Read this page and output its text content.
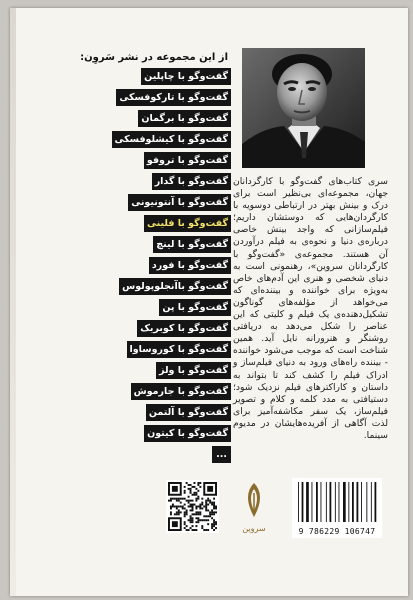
از این مجموعه در نشر سَروِن:
گفت‌وگو با چاپلین
گفت‌وگو با تارکوفسکی
گفت‌وگو با برگمان
گفت‌وگو با کیشلوفسکی
گفت‌وگو با تروفو
گفت‌وگو با گدار
گفت‌وگو با آنتونیونی
گفت‌وگو با فلینی
گفت‌وگو با لینچ
گفت‌وگو با فورد
گفت‌وگو باآنجلوپولوس
گفت‌وگو با پن
گفت‌وگو با کوبریک
گفت‌وگو با کوروساوا
گفت‌وگو با ولز
گفت‌وگو با جارموش
گفت‌وگو با آلتمن
گفت‌وگو با کیتون
...
سری کتاب‌های گفت‌وگو با کارگردانان جهان، مجموعه‌ای بی‌نظیر است برای درک و بینش بهتر در ارتباطی دوسویه با کارگردان‌هایی که دوستشان داریم؛ فیلم‌سازانی که واجد بینش خاصی درباره‌ی دنیا و نحوه‌ی به فیلم درآوردن آن هستند. مجموعه‌ی «گفت‌وگو با کارگردانان سروین»، رهنمونی است به دنیای شخصی و هنری این آدم‌های خاص به‌ویژه برای خواننده و بیننده‌ای که می‌خواهد از مؤلفه‌های گوناگون تشکیل‌دهنده‌ی یک فیلم و کلیتی که این عناصر را شکل می‌دهد به دریافتی روشنگر و هنرورانه نایل آید. همین شناخت است که موجب می‌شود خواننده - بیننده راه‌های ورود به دنیای فیلم‌ساز و ادراک فیلم را کشف کند تا بتواند به داستان و کاراکترهای فیلم نزدیک شود؛ دستیافتی به مدد کلمه و کلام و تصویر فیلم‌ساز، یک سفر مکاشفه‌آمیز برای لذت آگاهی از آفریده‌هایشان در مدیوم سینما.
سروین	9 786229 106747
